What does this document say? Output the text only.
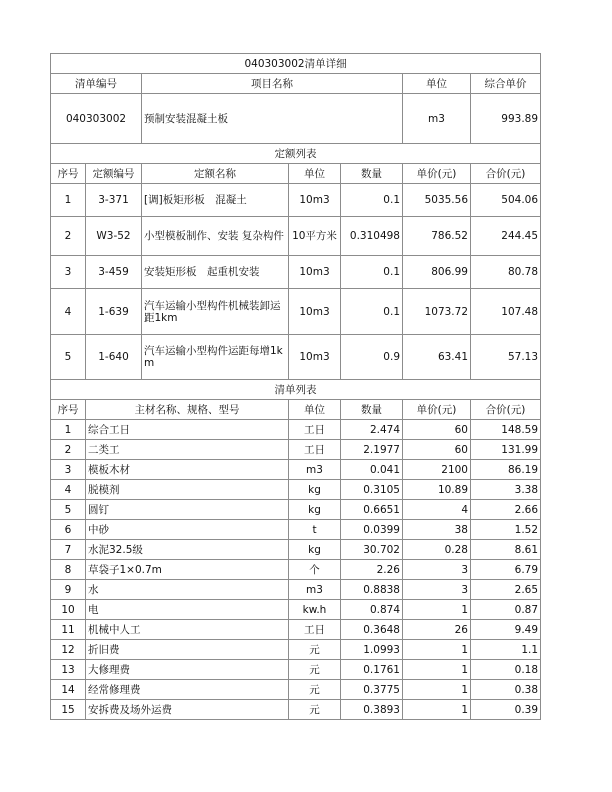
040303002清单详细						
清单编号		项目名称			单位	综合单价
040303002		预制安装混凝土板			m3	993.89
定额列表						
序号	定额编号	定额名称	单位	数量	单价(元)	合价(元)
1	3-371	[调]板矩形板　混凝土	10m3	0.1	5035.56	504.06
2	W3-52	小型模板制作、安装 复杂构件	10平方米	0.310498	786.52	244.45
3	3-459	安装矩形板　起重机安装	10m3	0.1	806.99	80.78
4	1-639	汽车运输小型构件机械装卸运距1km	10m3	0.1	1073.72	107.48
5	1-640	汽车运输小型构件运距每增1km	10m3	0.9	63.41	57.13
清单列表						
序号	主材名称、规格、型号		单位	数量	单价(元)	合价(元)
1	综合工日		工日	2.474	60	148.59
2	二类工		工日	2.1977	60	131.99
3	模板木材		m3	0.041	2100	86.19
4	脱模剂		kg	0.3105	10.89	3.38
5	圆钉		kg	0.6651	4	2.66
6	中砂		t	0.0399	38	1.52
7	水泥32.5级		kg	30.702	0.28	8.61
8	草袋子1×0.7m		个	2.26	3	6.79
9	水		m3	0.8838	3	2.65
10	电		kw.h	0.874	1	0.87
11	机械中人工		工日	0.3648	26	9.49
12	折旧费		元	1.0993	1	1.1
13	大修理费		元	0.1761	1	0.18
14	经常修理费		元	0.3775	1	0.38
15	安拆费及场外运费		元	0.3893	1	0.39
